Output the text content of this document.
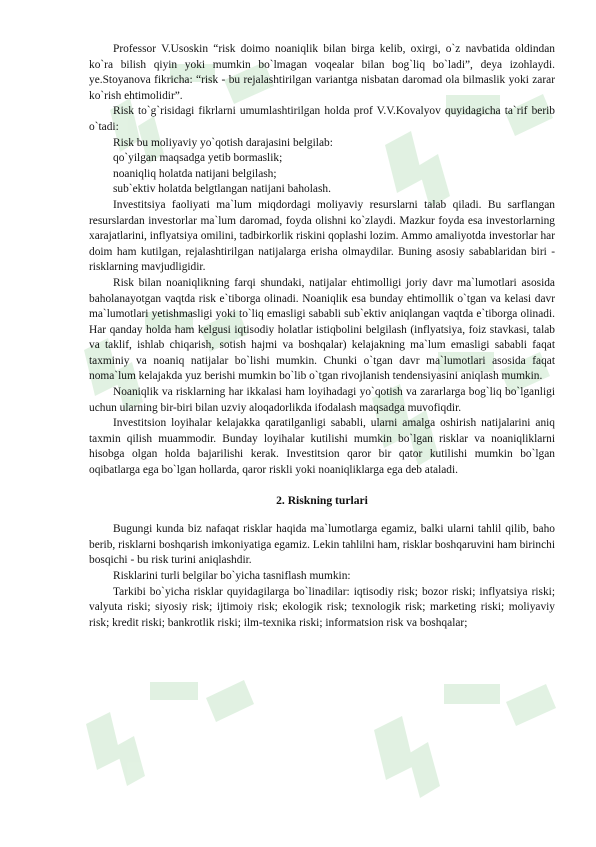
Professor V.Usoskin “risk doimo noaniqlik bilan birga kelib, oxirgi, o`z navbatida oldindan ko`ra bilish qiyin yoki mumkin bo`lmagan voqealar bilan bog`liq bo`ladi”, deya izohlaydi. ye.Stoyanova fikricha: “risk - bu rejalashtirilgan variantga nisbatan daromad ola bilmaslik yoki zarar ko`rish ehtimolidir”.

Risk to`g`risidagi fikrlarni umumlashtirilgan holda prof V.V.Kovalyov quyidagicha ta`rif berib o`tadi:

Risk bu moliyaviy yo`qotish darajasini belgilab:

qo`yilgan maqsadga yetib bormaslik;

noaniqliq holatda natijani belgilash;

sub`ektiv holatda belgtlangan natijani baholash.

Investitsiya faoliyati ma`lum miqdordagi moliyaviy resurslarni talab qiladi. Bu sarflangan resurslardan investorlar ma`lum daromad, foyda olishni ko`zlaydi. Mazkur foyda esa investorlarning xarajatlarini, inflyatsiya omilini, tadbirkorlik riskini qoplashi lozim. Ammo amaliyotda investorlar har doim ham kutilgan, rejalashtirilgan natijalarga erisha olmaydilar. Buning asosiy sabablaridan biri - risklarning mavjudligidir.

Risk bilan noaniqlikning farqi shundaki, natijalar ehtimolligi joriy davr ma`lumotlari asosida baholanayotgan vaqtda risk e`tiborga olinadi. Noaniqlik esa bunday ehtimollik o`tgan va kelasi davr ma`lumotlari yetishmasligi yoki to`liq emasligi sababli sub`ektiv aniqlangan vaqtda e`tiborga olinadi. Har qanday holda ham kelgusi iqtisodiy holatlar istiqbolini belgilash (inflyatsiya, foiz stavkasi, talab va taklif, ishlab chiqarish, sotish hajmi va boshqalar) kelajakning ma`lum emasligi sababli faqat taxminiy va noaniq natijalar bo`lishi mumkin. Chunki o`tgan davr ma`lumotlari asosida faqat noma`lum kelajakda yuz berishi mumkin bo`lib o`tgan rivojlanish tendensiyasini aniqlash mumkin.

Noaniqlik va risklarning har ikkalasi ham loyihadagi yo`qotish va zararlarga bog`liq bo`lganligi uchun ularning bir-biri bilan uzviy aloqadorlikda ifodalash maqsadga muvofiqdir.

Investitsion loyihalar kelajakka qaratilganligi sababli, ularni amalga oshirish natijalarini aniq taxmin qilish muammodir. Bunday loyihalar kutilishi mumkin bo`lgan risklar va noaniqliklarni hisobga olgan holda bajarilishi kerak. Investitsion qaror bir qator kutilishi mumkin bo`lgan oqibatlarga ega bo`lgan hollarda, qaror riskli yoki noaniqliklarga ega deb ataladi.

2. Riskning turlari

Bugungi kunda biz nafaqat risklar haqida ma`lumotlarga egamiz, balki ularni tahlil qilib, baho berib, risklarni boshqarish imkoniyatiga egamiz. Lekin tahlilni ham, risklar boshqaruvini ham birinchi bosqichi - bu risk turini aniqlashdir.

Risklarini turli belgilar bo`yicha tasniflash mumkin:

Tarkibi bo`yicha risklar quyidagilarga bo`linadilar: iqtisodiy risk; bozor riski; inflyatsiya riski; valyuta riski; siyosiy risk; ijtimoiy risk; ekologik risk; texnologik risk; marketing riski; moliyaviy risk; kredit riski; bankrotlik riski; ilm-texnika riski; informatsion risk va boshqalar;
